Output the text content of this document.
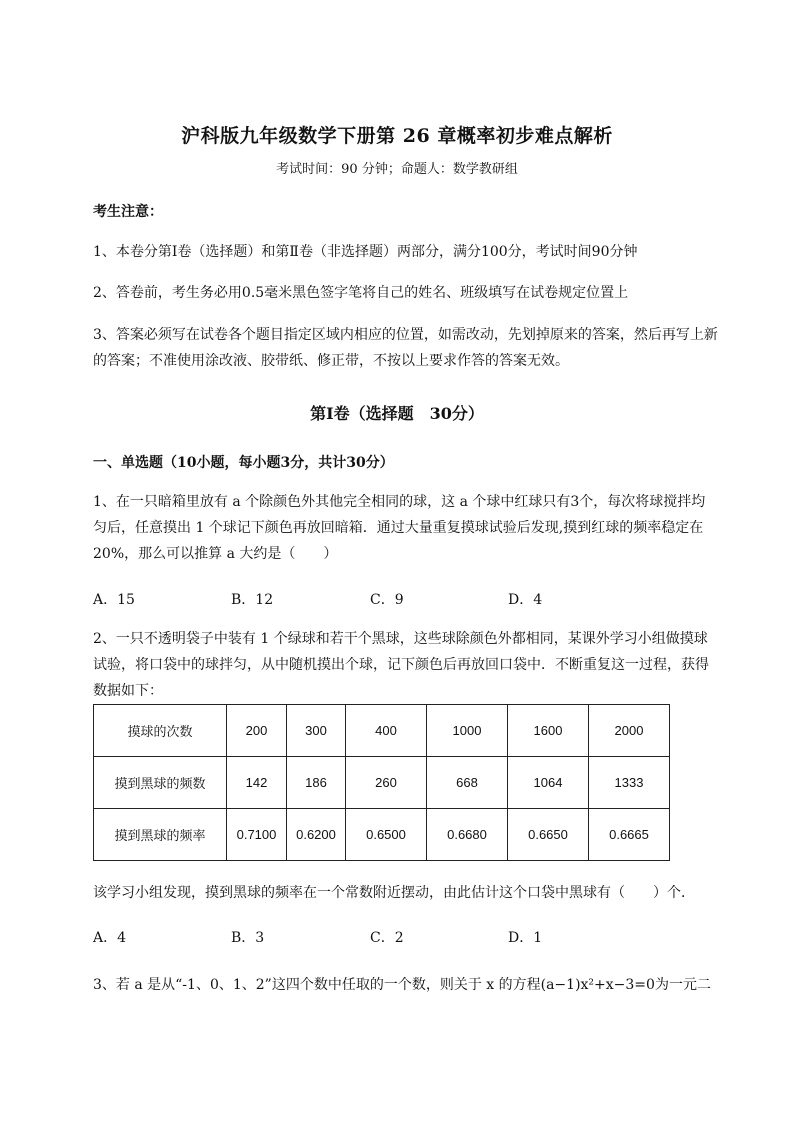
沪科版九年级数学下册第 26 章概率初步难点解析
考试时间：90 分钟；命题人：数学教研组
考生注意：
1、本卷分第Ⅰ卷（选择题）和第Ⅱ卷（非选择题）两部分，满分100分，考试时间90分钟
2、答卷前，考生务必用0.5毫米黑色签字笔将自己的姓名、班级填写在试卷规定位置上
3、答案必须写在试卷各个题目指定区域内相应的位置，如需改动，先划掉原来的答案，然后再写上新
的答案；不准使用涂改液、胶带纸、修正带，不按以上要求作答的答案无效。
第Ⅰ卷（选择题　30分）
一、单选题（10小题，每小题3分，共计30分）
1、在一只暗箱里放有 a 个除颜色外其他完全相同的球，这 a 个球中红球只有3个，每次将球搅拌均
匀后，任意摸出 1 个球记下颜色再放回暗箱．通过大量重复摸球试验后发现,摸到红球的频率稳定在
20%，那么可以推算 a 大约是（　　）
A．15	B．12	C．9	D．4
2、一只不透明袋子中装有 1 个绿球和若干个黑球，这些球除颜色外都相同，某课外学习小组做摸球
试验，将口袋中的球拌匀，从中随机摸出个球，记下颜色后再放回口袋中．不断重复这一过程，获得
数据如下：
摸球的次数	200	300	400	1000	1600	2000
摸到黑球的频数	142	186	260	668	1064	1333
摸到黑球的频率	0.7100	0.6200	0.6500	0.6680	0.6650	0.6665
该学习小组发现，摸到黑球的频率在一个常数附近摆动，由此估计这个口袋中黑球有（　　）个．
A．4	B．3	C．2	D．1
3、若 a 是从“-1、0、1、2”这四个数中任取的一个数，则关于 x 的方程(a−1)x²+x−3=0为一元二
